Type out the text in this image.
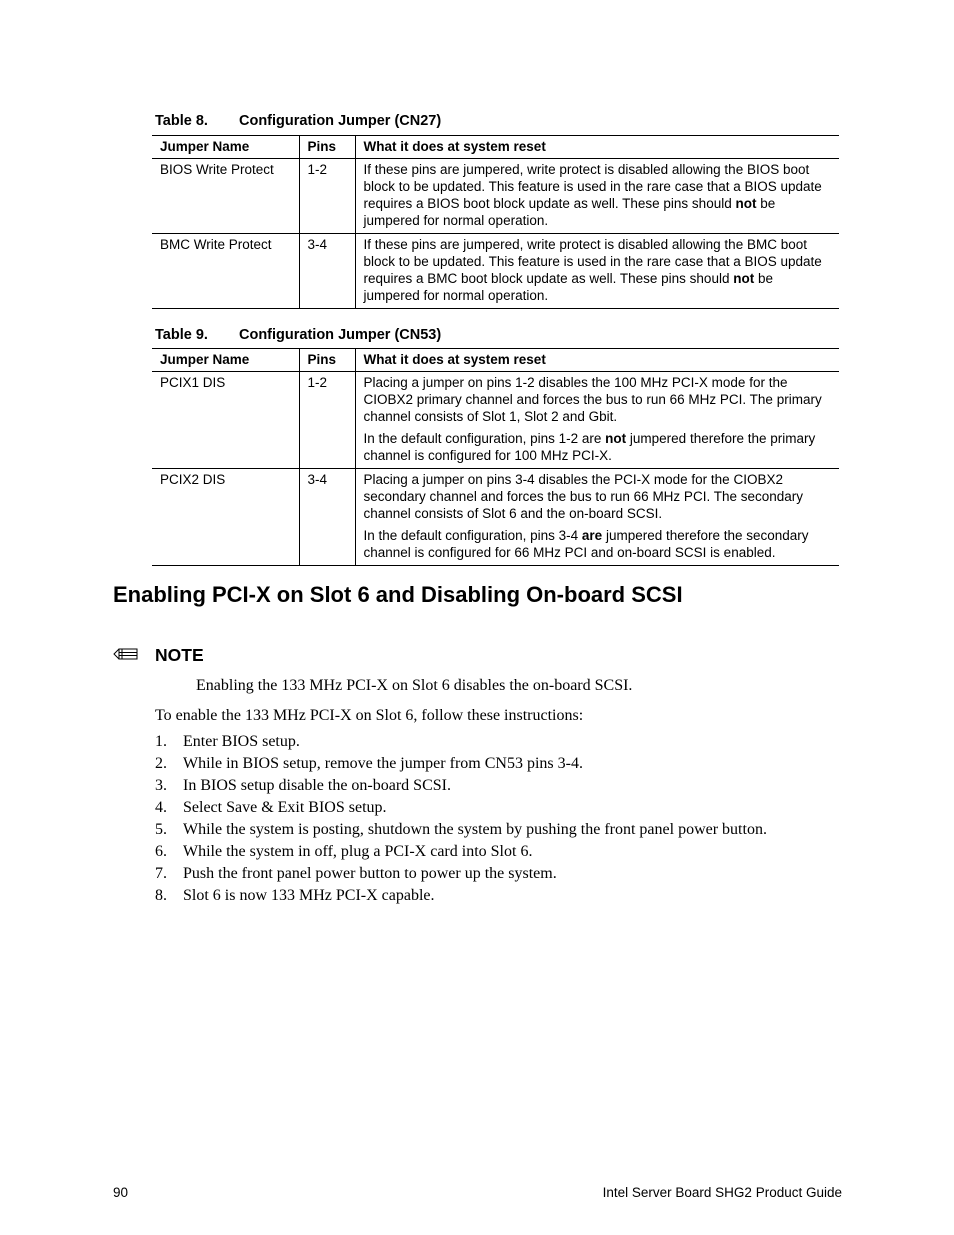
Table 8. Configuration Jumper (CN27)
Jumper Name	Pins	What it does at system reset
BIOS Write Protect	1-2	If these pins are jumpered, write protect is disabled allowing the BIOS boot block to be updated. This feature is used in the rare case that a BIOS update requires a BIOS boot block update as well. These pins should not be jumpered for normal operation.

BMC Write Protect	3-4	If these pins are jumpered, write protect is disabled allowing the BMC boot block to be updated. This feature is used in the rare case that a BIOS update requires a BMC boot block update as well. These pins should not be jumpered for normal operation.

Table 9. Configuration Jumper (CN53)
Jumper Name	Pins	What it does at system reset
PCIX1 DIS	1-2	Placing a jumper on pins 1-2 disables the 100 MHz PCI-X mode for the CIOBX2 primary channel and forces the bus to run 66 MHz PCI. The primary channel consists of Slot 1, Slot 2 and Gbit.

In the default configuration, pins 1-2 are not jumpered therefore the primary channel is configured for 100 MHz PCI-X.

PCIX2 DIS	3-4	Placing a jumper on pins 3-4 disables the PCI-X mode for the CIOBX2 secondary channel and forces the bus to run 66 MHz PCI. The secondary channel consists of Slot 6 and the on-board SCSI.

In the default configuration, pins 3-4 are jumpered therefore the secondary channel is configured for 66 MHz PCI and on-board SCSI is enabled.

Enabling PCI-X on Slot 6 and Disabling On-board SCSI
NOTE
Enabling the 133 MHz PCI-X on Slot 6 disables the on-board SCSI.
To enable the 133 MHz PCI-X on Slot 6, follow these instructions:
1.	Enter BIOS setup.
2.	While in BIOS setup, remove the jumper from CN53 pins 3-4.
3.	In BIOS setup disable the on-board SCSI.
4.	Select Save & Exit BIOS setup.
5.	While the system is posting, shutdown the system by pushing the front panel power button.
6.	While the system in off, plug a PCI-X card into Slot 6.
7.	Push the front panel power button to power up the system.
8.	Slot 6 is now 133 MHz PCI-X capable.
90	Intel Server Board SHG2 Product Guide
